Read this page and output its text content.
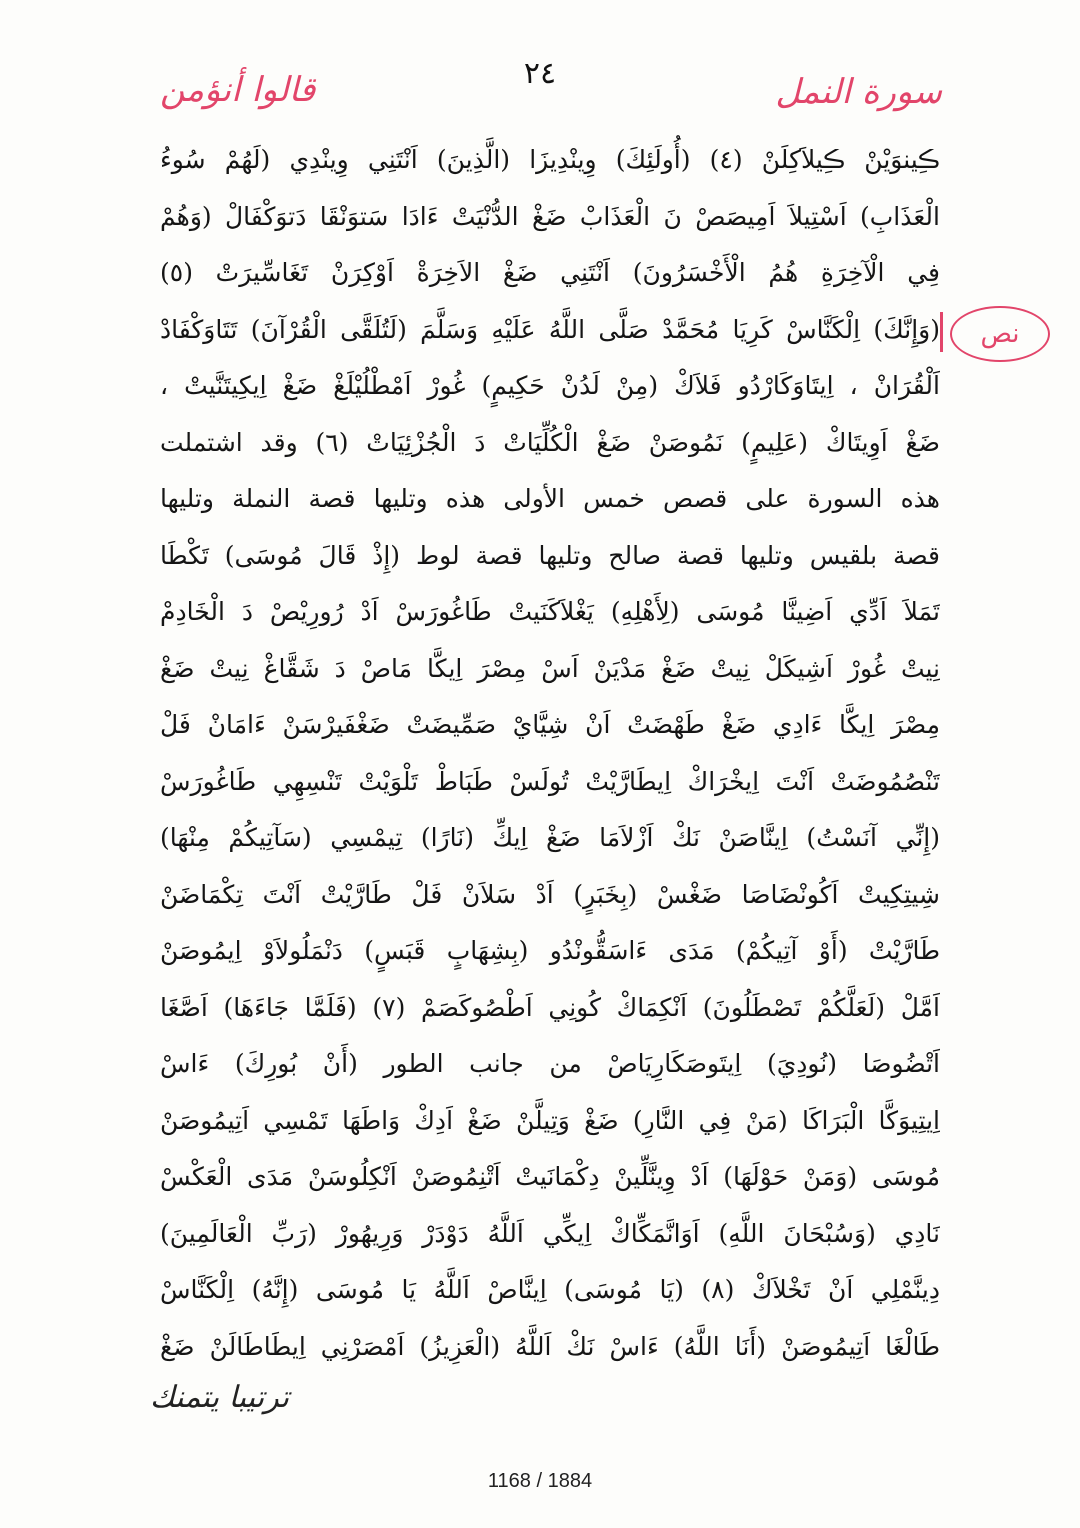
سورة النمل
٢٤
قالوا أنؤمن
نص
ڪِينوَيْنْ ڪِيلاَكِلَنْ (٤) (أُولَئِكَ) وِينْدِيزَا (الَّذِينَ) اَنْتَنِي وِينْدِي (لَهُمْ سُوءُ
الْعَذَابِ) اَسْتِيلاَ اَمِيصَصْ نَ الْعَذَابْ ضَغْ الدُّنْيَتْ ءَادَا سَتوَنْقَا دَتوَكْفَالْ (وَهُمْ
فِي الْآخِرَةِ هُمُ الْأَخْسَرُونَ) اَنْتَنِي ضَغْ الاَخِرَةْ اَوْكِرَنْ تَغَاسِّيرَتْ (٥)
(وَإِنَّكَ) اِلْكَنَّاسْ كَرِيَا مُحَمَّدْ صَلَّى اللَّهُ عَلَيْهِ وَسَلَّمَ (لَتُلَقَّى الْقُرْآنَ) تَتَاوَكْفَادْ
اَلْقُرَانْ ، اِيتَاوَكَارْدُو فَلاَكْ (مِنْ لَدُنْ حَكِيمٍ) غُورْ اَمْطْلُيْلَغْ ضَغْ اِيكِيتَنَّيتْ ،
ضَغْ اَوِيتَاكْ (عَلِيمٍ) نَمُوصَنْ ضَغْ الْكُلِّيَاتْ دَ الْجُزْئِيَاتْ (٦) وقد اشتملت
هذه السورة على قصص خمس الأولى هذه وتليها قصة النملة وتليها
قصة بلقيس وتليها قصة صالح وتليها قصة لوط (إِذْ قَالَ مُوسَى) تَكْطَا
تَمَلاَ اَدِّي اَضِينَّا مُوسَى (لِأَهْلِهِ) يَغْلاَكَنَيتْ طَاغُورَسْ اَدْ رُورِيْصْ دَ الْخَادِمْ
نِيتْ غُورْ اَشِيكَلْ نِيتْ ضَغْ مَدْيَنْ اَسْ مِصْرَ اِيكَّا مَاصْ دَ شَقَّاغْ نِيتْ ضَغْ
مِصْرَ اِيكَّا ءَادِي ضَغْ طَهْضَتْ اَنْ شِيَّايْ صَمِّيضَتْ ضَغْفَيرْسَنْ ءَامَانْ فَلْ
تَنْصُمُوضَتْ اَنْتَ اِيخْرَاكْ اِيطَارَّيْتْ تُولَسْ طَبَاطْ تَلْوَيْتْ تَنْسِهِي طَاغُورَسْ
(إِنِّي آنَسْتُ) اِينَّاصَنْ نَكْ اَزْلاَمَا ضَغْ اِيكِّ (نَارًا) تِيمْسِي (سَآتِيكُمْ مِنْهَا)
شِيتِكِيتْ اَكُونْضَاصَا ضَغْسْ (بِخَبَرٍ) اَدْ سَلاَنْ فَلْ طَارَّيْتْ اَنْتَ تِكْمَاضَنْ
طَارَّيْتْ (أَوْ آتِيكُمْ) مَدَى ءَاسَقُّونْدُو (بِشِهَابٍ قَبَسٍ) دَنْمَلُولاَوْ اِيمُوصَنْ
اَمَّلْ (لَعَلَّكُمْ تَصْطَلُونَ) اَنْكِمَاكْ كُونِي اَطْصُوكَصَمْ (٧) (فَلَمَّا جَاءَهَا) اَصَّغَا
اَتْضُوصَا (نُودِيَ) اِيتَوصَكَارِيَاصْ من جانب الطور (أَنْ بُورِكَ) ءَاسْ
اِيتِيوَكَّا الْبَرَاكَا (مَنْ فِي النَّارِ) ضَغْ وَتِيلَّنْ ضَغْ اَدِكْ وَاطَهَا تَمْسِي اَتِيمُوصَنْ
مُوسَى (وَمَنْ حَوْلَهَا) اَدْ وِينَّلِّينْ دِكْمَانَيتْ اَتْنِمُوصَنْ اَنْكِلُوسَنْ مَدَى الْعَكْسْ
نَادِي (وَسُبْحَانَ اللَّهِ) اَوَانَّمَكِّاكْ اِيكِّي اَللَّهُ دَوْدَرْ وَرِيهُورْ (رَبِّ الْعَالَمِينَ)
دِينَّمْلِي اَنْ تَخْلاَكْ (٨) (يَا مُوسَى) اِينَّاصْ اَللَّهُ يَا مُوسَى (إِنَّهُ) اِلْكَنَّاسْ
طَالْغَا اَتِيمُوصَنْ (أَنَا اللَّهُ) ءَاسْ نَكْ اَللَّهُ (الْعَزِيزُ) اَمْصَرْنِي اِيطَاطَالَنْ ضَغْ
ترتيبا يتمنك
1168 / 1884
